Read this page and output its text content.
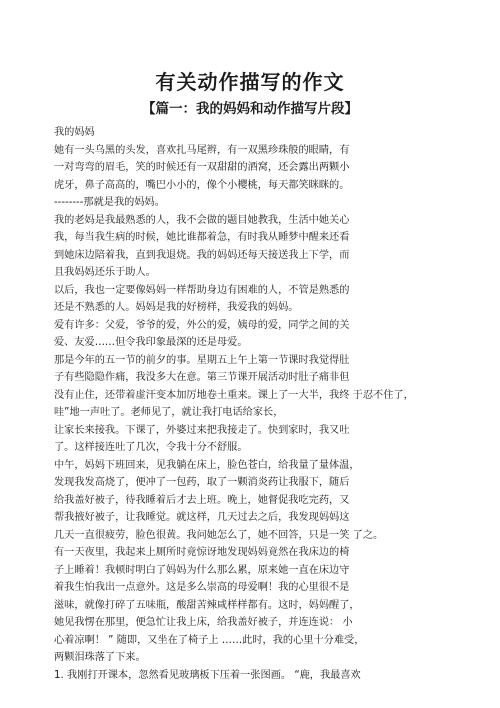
有关动作描写的作文
【篇一：我的妈妈和动作描写片段】
我的妈妈
她有一头乌黑的头发，喜欢扎马尾辫，有一双黑珍珠般的眼睛，有
一对弯弯的眉毛，笑的时候还有一双甜甜的酒窝，还会露出两颗小
虎牙，鼻子高高的，嘴巴小小的，像个小樱桃，每天都笑眯眯的。
--------那就是我的妈妈。
我的老妈是我最熟悉的人，我不会做的题目她教我，生活中她关心
我，每当我生病的时候，她比谁都着急，有时我从睡梦中醒来还看
到她床边陪着我，直到我退烧。我的妈妈还每天接送我上下学，而
且我妈妈还乐于助人。
以后，我也一定要像妈妈一样帮助身边有困难的人，不管是熟悉的
还是不熟悉的人。妈妈是我的好榜样，我爱我的妈妈。
爱有许多：父爱，爷爷的爱，外公的爱，姨母的爱，同学之间的关
爱、友爱……但令我印象最深的还是母爱。
那是今年的五一节的前夕的事。星期五上午上第一节课时我觉得肚
子有些隐隐作痛，我没多大在意。第三节课开展活动时肚子痛非但
没有止住，还带着虚汗变本加厉地卷土重来。课上了一大半，我终 于忍不住了，
哇”地一声吐了。老师见了，就让我打电话给家长，
让家长来接我。下课了，外婆过来把我接走了。快到家时，我又吐
了。这样接连吐了几次，令我十分不舒服。
中午，妈妈下班回来，见我躺在床上，脸色苍白，给我量了量体温，
发现我发高烧了，便冲了一包药，取了一颗消炎药让我服下，随后
给我盖好被子，待我睡着后才去上班。晚上，她督促我吃完药，又
帮我掖好被子，让我睡觉。就这样，几天过去之后，我发现妈妈这
几天一直很疲劳，脸色很黄。我问她怎么了，她不回答，只是一笑 了之。
有一天夜里，我起来上厕所时竟惊讶地发现妈妈竟然在我床边的椅
子上睡着！我顿时明白了妈妈为什么那么累，原来她一直在床边守
着我生怕我出一点意外。这是多么崇高的母爱啊！我的心里很不是
滋味，就像打碎了五味瓶，酸甜苦辣咸样样都有。这时，妈妈醒了，
她见我愣在那里，便急忙让我上床，给我盖好被子，并连连说： 小
心着凉啊！ ” 随即，又坐在了椅子上 ……此时，我的心里十分难受，
两颗泪珠落了下来。
1. 我刚打开课本，忽然看见玻璃板下压着一张图画。 “鹿，我最喜欢
